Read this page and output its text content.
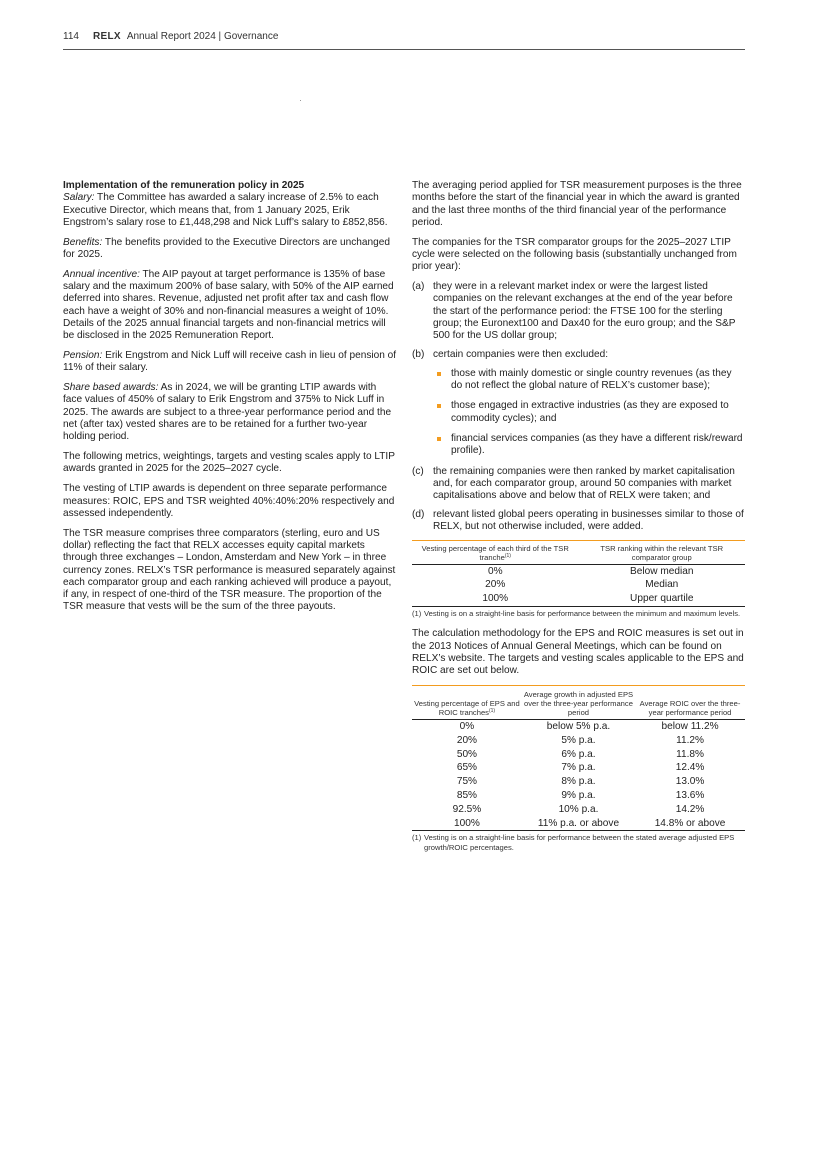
114 RELX Annual Report 2024 | Governance
Implementation of the remuneration policy in 2025

Salary: The Committee has awarded a salary increase of 2.5% to each Executive Director, which means that, from 1 January 2025, Erik Engstrom’s salary rose to £1,448,298 and Nick Luff’s salary to £852,856.

Benefits: The benefits provided to the Executive Directors are unchanged for 2025.

Annual incentive: The AIP payout at target performance is 135% of base salary and the maximum 200% of base salary, with 50% of the AIP earned deferred into shares. Revenue, adjusted net profit after tax and cash flow each have a weight of 30% and non-financial measures a weight of 10%. Details of the 2025 annual financial targets and non-financial metrics will be disclosed in the 2025 Remuneration Report.

Pension: Erik Engstrom and Nick Luff will receive cash in lieu of pension of 11% of their salary.

Share based awards: As in 2024, we will be granting LTIP awards with face values of 450% of salary to Erik Engstrom and 375% to Nick Luff in 2025. The awards are subject to a three-year performance period and the net (after tax) vested shares are to be retained for a further two-year holding period.

The following metrics, weightings, targets and vesting scales apply to LTIP awards granted in 2025 for the 2025–2027 cycle.

The vesting of LTIP awards is dependent on three separate performance measures: ROIC, EPS and TSR weighted 40%:40%:20% respectively and assessed independently.

The TSR measure comprises three comparators (sterling, euro and US dollar) reflecting the fact that RELX accesses equity capital markets through three exchanges – London, Amsterdam and New York – in three currency zones. RELX’s TSR performance is measured separately against each comparator group and each ranking achieved will produce a payout, if any, in respect of one-third of the TSR measure. The proportion of the TSR measure that vests will be the sum of the three payouts.

The averaging period applied for TSR measurement purposes is the three months before the start of the financial year in which the award is granted and the last three months of the third financial year of the performance period.

The companies for the TSR comparator groups for the 2025–2027 LTIP cycle were selected on the following basis (substantially unchanged from prior year):

(a) they were in a relevant market index or were the largest listed companies on the relevant exchanges at the end of the year before the start of the performance period: the FTSE 100 for the sterling group; the Euronext100 and Dax40 for the euro group; and the S&P 500 for the US dollar group;
(b) certain companies were then excluded:
those with mainly domestic or single country revenues (as they do not reflect the global nature of RELX’s customer base);
those engaged in extractive industries (as they are exposed to commodity cycles); and
financial services companies (as they have a different risk/reward profile).
(c) the remaining companies were then ranked by market capitalisation and, for each comparator group, around 50 companies with market capitalisations above and below that of RELX were taken; and
(d) relevant listed global peers operating in businesses similar to those of RELX, but not otherwise included, were added.
Vesting percentage of each third of the TSR tranche$^{(1)}$	TSR ranking within the relevant TSR comparator group
0%	Below median
20%	Median
100%	Upper quartile
(1) Vesting is on a straight-line basis for performance between the minimum and maximum levels.

The calculation methodology for the EPS and ROIC measures is set out in the 2013 Notices of Annual General Meetings, which can be found on RELX’s website. The targets and vesting scales applicable to the EPS and ROIC are set out below.

Vesting percentage of EPS and ROIC tranches$^{(1)}$	Average growth in adjusted EPS over the three-year performance period	Average ROIC over the three-year performance period
0%	below 5% p.a.	below 11.2%
20%	5% p.a.	11.2%
50%	6% p.a.	11.8%
65%	7% p.a.	12.4%
75%	8% p.a.	13.0%
85%	9% p.a.	13.6%
92.5%	10% p.a.	14.2%
100%	11% p.a. or above	14.8% or above
(1) Vesting is on a straight-line basis for performance between the stated average adjusted EPS growth/ROIC percentages.
